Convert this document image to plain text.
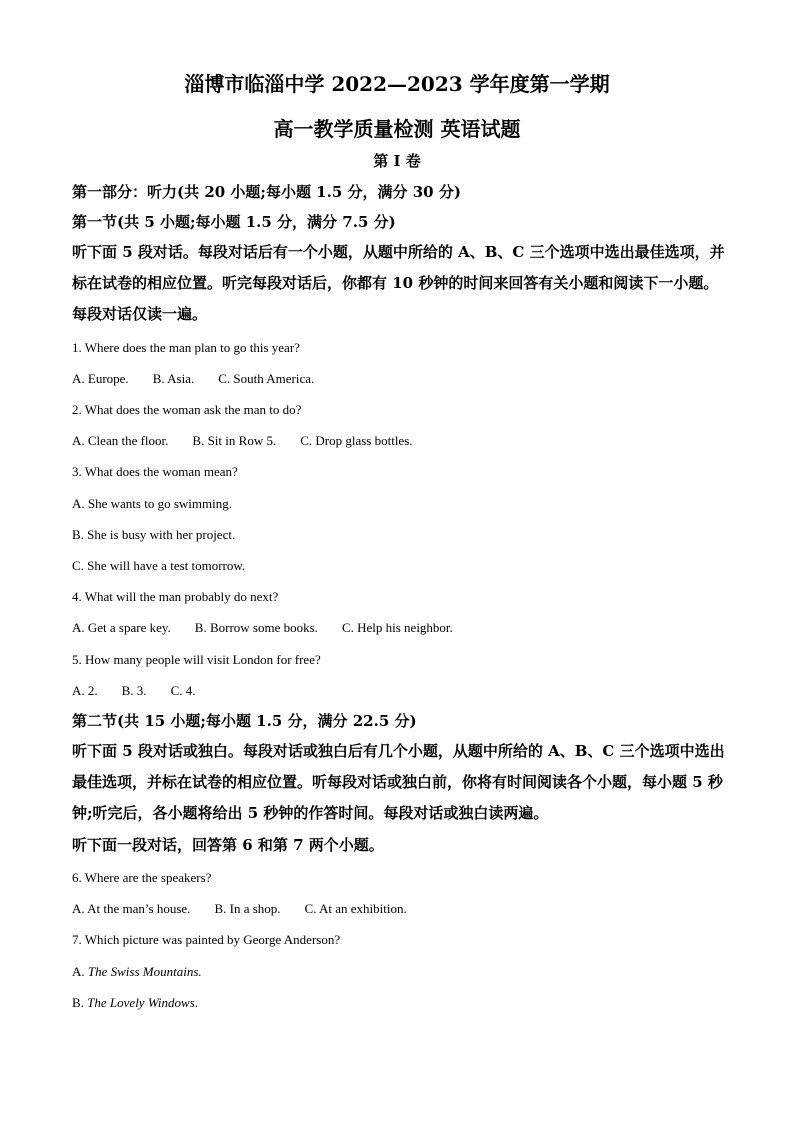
淄博市临淄中学 2022—2023 学年度第一学期
高一教学质量检测 英语试题
第 I 卷
第一部分：听力(共 20 小题;每小题 1.5 分，满分 30 分)
第一节(共 5 小题;每小题 1.5 分，满分 7.5 分)
听下面 5 段对话。每段对话后有一个小题，从题中所给的 A、B、C 三个选项中选出最佳选项，并标在试卷的相应位置。听完每段对话后，你都有 10 秒钟的时间来回答有关小题和阅读下一小题。每段对话仅读一遍。
1. Where does the man plan to go this year?
A. Europe. B. Asia. C. South America.
2. What does the woman ask the man to do?
A. Clean the floor. B. Sit in Row 5. C. Drop glass bottles.
3. What does the woman mean?
A. She wants to go swimming.
B. She is busy with her project.
C. She will have a test tomorrow.
4. What will the man probably do next?
A. Get a spare key. B. Borrow some books. C. Help his neighbor.
5. How many people will visit London for free?
A. 2. B. 3. C. 4.
第二节(共 15 小题;每小题 1.5 分，满分 22.5 分)
听下面 5 段对话或独白。每段对话或独白后有几个小题，从题中所给的 A、B、C 三个选项中选出最佳选项，并标在试卷的相应位置。听每段对话或独白前，你将有时间阅读各个小题，每小题 5 秒钟;听完后，各小题将给出 5 秒钟的作答时间。每段对话或独白读两遍。
听下面一段对话，回答第 6 和第 7 两个小题。
6. Where are the speakers?
A. At the man’s house. B. In a shop. C. At an exhibition.
7. Which picture was painted by George Anderson?
A. The Swiss Mountains.
B. The Lovely Windows.
